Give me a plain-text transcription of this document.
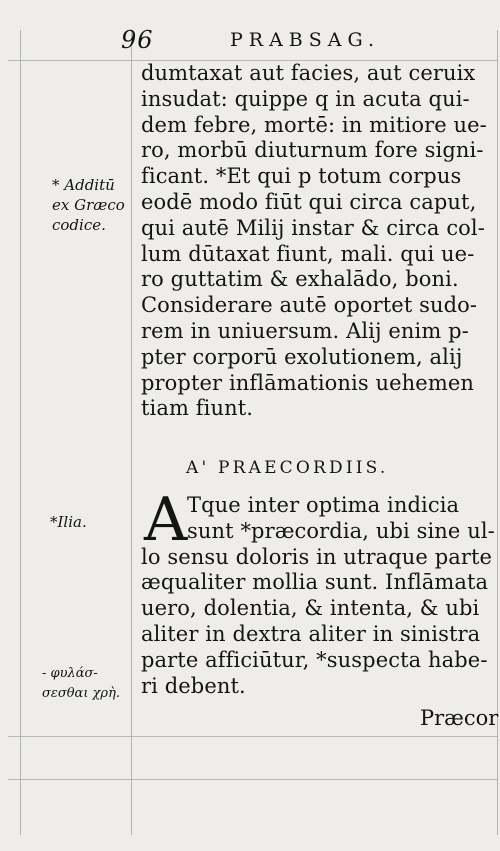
96	PRABSAG.
dumtaxat aut facies, aut ceruix
insudat: quippe q in acuta qui-
dem febre, mortē: in mitiore ue-
ro, morbū diuturnum fore signi-
ficant. *Et qui p totum corpus
eodē modo fiūt qui circa caput,
qui autē Milij instar & circa col-
lum dūtaxat fiunt, mali. qui ue-
ro guttatim & exhalādo, boni.
Considerare autē oportet sudo-
rem in uniuersum. Alij enim p-
pter corporū exolutionem, alij
propter inflāmationis uehemen
tiam fiunt.
A' PRAECORDIIS.
A Tque inter optima indicia
sunt *præcordia, ubi sine ul-
lo sensu doloris in utraque parte
æqualiter mollia sunt. Inflāmata
uero, dolentia, & intenta, & ubi
aliter in dextra aliter in sinistra
parte afficiūtur, *suspecta habe-
ri debent.
* Additū
ex Græco
codice.
*Ilia.
- φυλάσ-
σεσθαι χρὴ.
Præcor
